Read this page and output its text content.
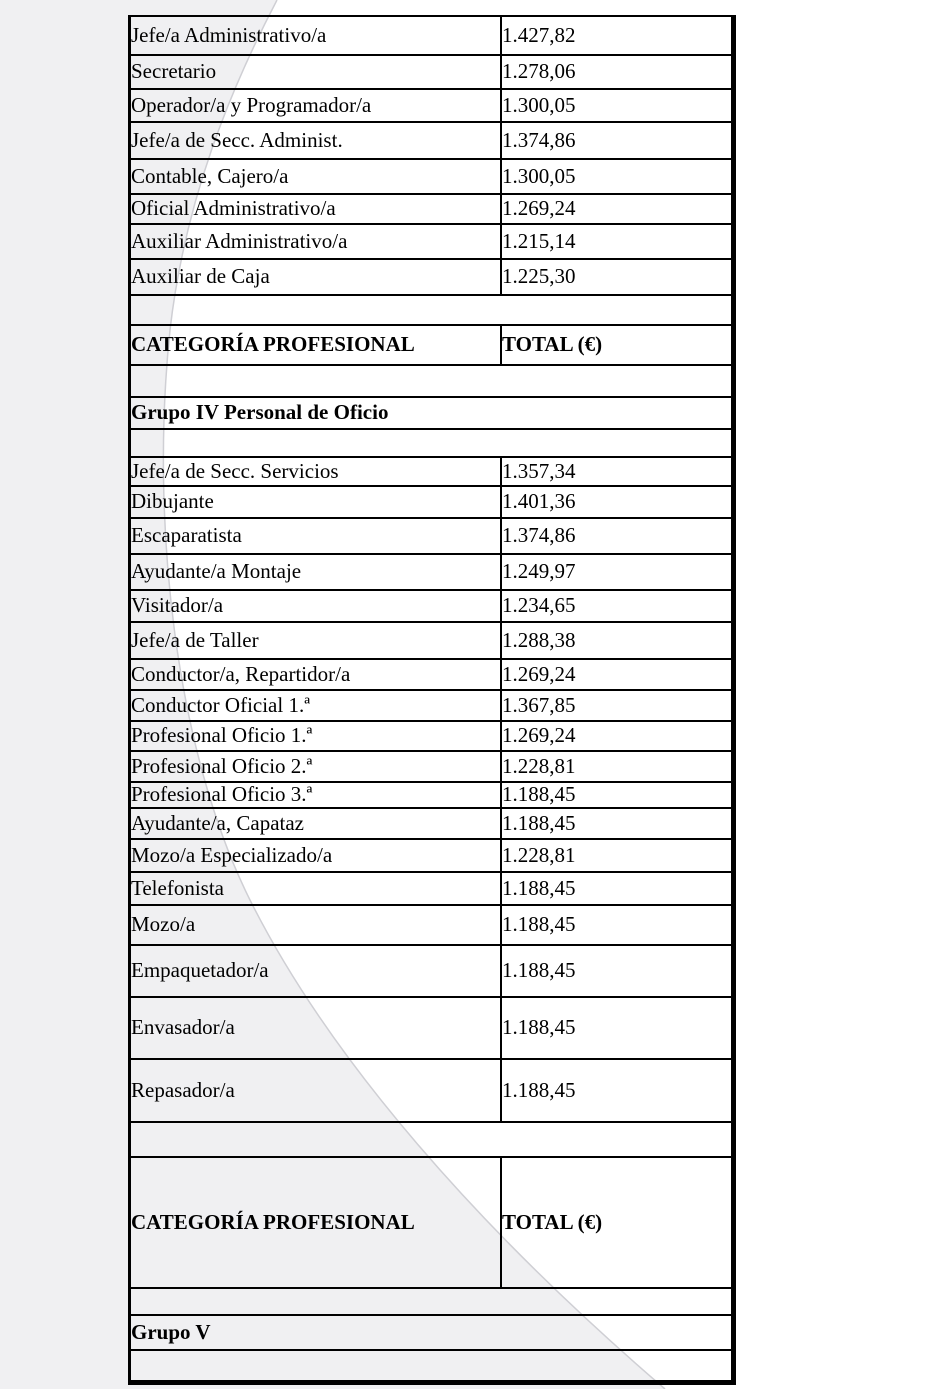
Jefe/a Administrativo/a	1.427,82
Secretario	1.278,06
Operador/a y Programador/a	1.300,05
Jefe/a de Secc. Administ.	1.374,86
Contable, Cajero/a	1.300,05
Oficial Administrativo/a	1.269,24
Auxiliar Administrativo/a	1.215,14
Auxiliar de Caja	1.225,30

CATEGORÍA PROFESIONAL	TOTAL (€)

Grupo IV Personal de Oficio	

Jefe/a de Secc. Servicios	1.357,34
Dibujante	1.401,36
Escaparatista	1.374,86
Ayudante/a Montaje	1.249,97
Visitador/a	1.234,65
Jefe/a de Taller	1.288,38
Conductor/a, Repartidor/a	1.269,24
Conductor Oficial 1.ª	1.367,85
Profesional Oficio 1.ª	1.269,24
Profesional Oficio 2.ª	1.228,81
Profesional Oficio 3.ª	1.188,45
Ayudante/a, Capataz	1.188,45
Mozo/a Especializado/a	1.228,81
Telefonista	1.188,45
Mozo/a	1.188,45
Empaquetador/a	1.188,45
Envasador/a	1.188,45
Repasador/a	1.188,45

CATEGORÍA PROFESIONAL	TOTAL (€)

Grupo V	
